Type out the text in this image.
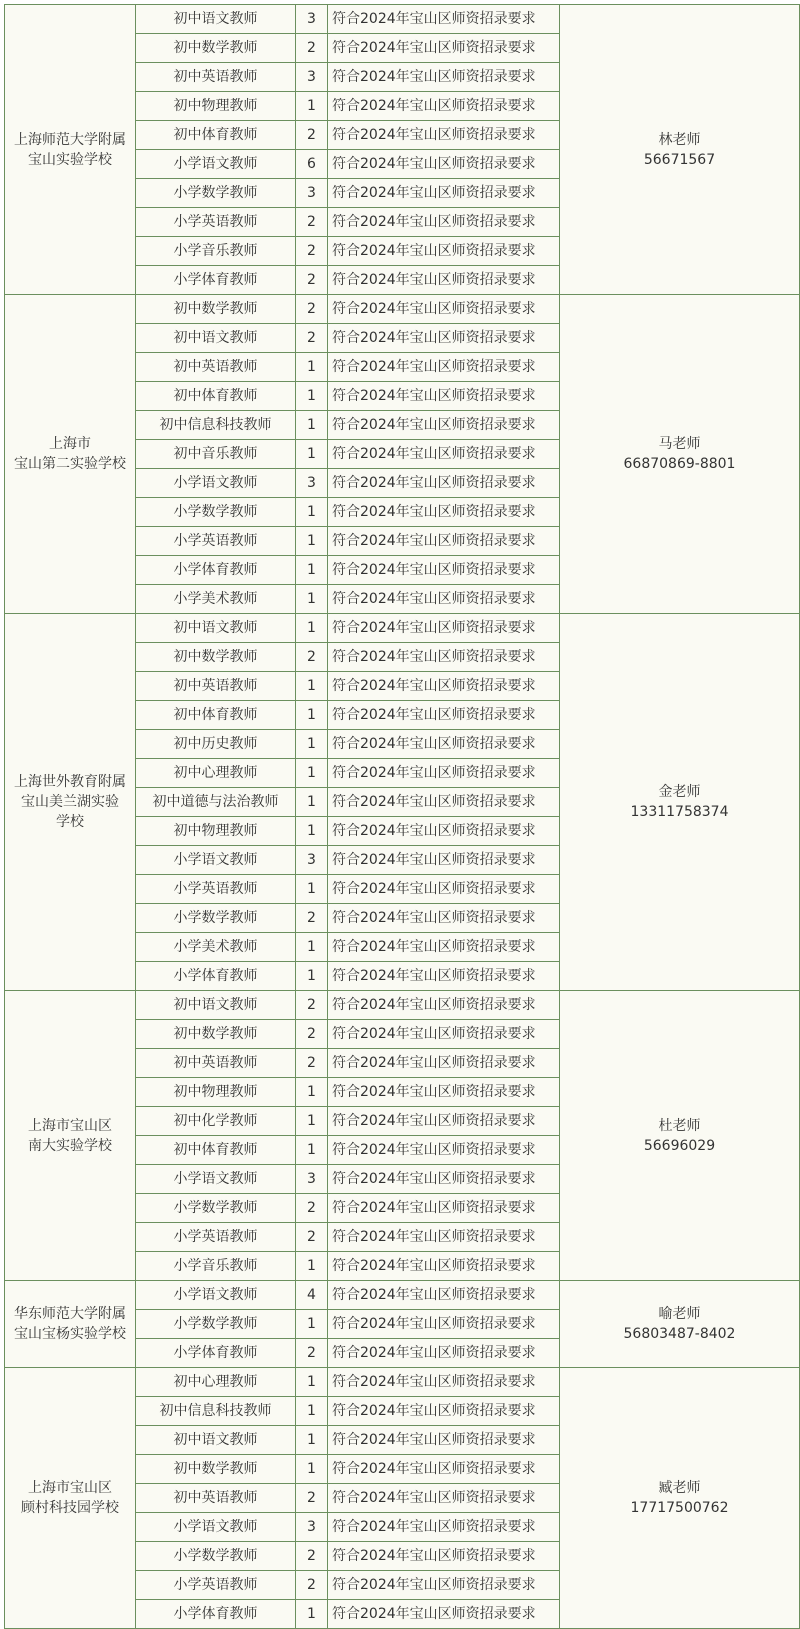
上海师范大学附属
宝山实验学校	初中语文教师	3	符合2024年宝山区师资招录要求	林老师
56671567

	初中数学教师	2	符合2024年宝山区师资招录要求	
	初中英语教师	3	符合2024年宝山区师资招录要求	
	初中物理教师	1	符合2024年宝山区师资招录要求	
	初中体育教师	2	符合2024年宝山区师资招录要求	
	小学语文教师	6	符合2024年宝山区师资招录要求	
	小学数学教师	3	符合2024年宝山区师资招录要求	
	小学英语教师	2	符合2024年宝山区师资招录要求	
	小学音乐教师	2	符合2024年宝山区师资招录要求	
	小学体育教师	2	符合2024年宝山区师资招录要求	

上海市
宝山第二实验学校	初中数学教师	2	符合2024年宝山区师资招录要求	马老师
66870869-8801

	初中语文教师	2	符合2024年宝山区师资招录要求	
	初中英语教师	1	符合2024年宝山区师资招录要求	
	初中体育教师	1	符合2024年宝山区师资招录要求	
	初中信息科技教师	1	符合2024年宝山区师资招录要求	
	初中音乐教师	1	符合2024年宝山区师资招录要求	
	小学语文教师	3	符合2024年宝山区师资招录要求	
	小学数学教师	1	符合2024年宝山区师资招录要求	
	小学英语教师	1	符合2024年宝山区师资招录要求	
	小学体育教师	1	符合2024年宝山区师资招录要求	
	小学美术教师	1	符合2024年宝山区师资招录要求	

上海世外教育附属
宝山美兰湖实验
学校	初中语文教师	1	符合2024年宝山区师资招录要求	金老师
13311758374

	初中数学教师	2	符合2024年宝山区师资招录要求	
	初中英语教师	1	符合2024年宝山区师资招录要求	
	初中体育教师	1	符合2024年宝山区师资招录要求	
	初中历史教师	1	符合2024年宝山区师资招录要求	
	初中心理教师	1	符合2024年宝山区师资招录要求	
	初中道德与法治教师	1	符合2024年宝山区师资招录要求	
	初中物理教师	1	符合2024年宝山区师资招录要求	
	小学语文教师	3	符合2024年宝山区师资招录要求	
	小学英语教师	1	符合2024年宝山区师资招录要求	
	小学数学教师	2	符合2024年宝山区师资招录要求	
	小学美术教师	1	符合2024年宝山区师资招录要求	
	小学体育教师	1	符合2024年宝山区师资招录要求	

上海市宝山区
南大实验学校	初中语文教师	2	符合2024年宝山区师资招录要求	杜老师
56696029

	初中数学教师	2	符合2024年宝山区师资招录要求	
	初中英语教师	2	符合2024年宝山区师资招录要求	
	初中物理教师	1	符合2024年宝山区师资招录要求	
	初中化学教师	1	符合2024年宝山区师资招录要求	
	初中体育教师	1	符合2024年宝山区师资招录要求	
	小学语文教师	3	符合2024年宝山区师资招录要求	
	小学数学教师	2	符合2024年宝山区师资招录要求	
	小学英语教师	2	符合2024年宝山区师资招录要求	
	小学音乐教师	1	符合2024年宝山区师资招录要求	

华东师范大学附属
宝山宝杨实验学校	小学语文教师	4	符合2024年宝山区师资招录要求	喻老师
56803487-8402

	小学数学教师	1	符合2024年宝山区师资招录要求	
	小学体育教师	2	符合2024年宝山区师资招录要求	

上海市宝山区
顾村科技园学校	初中心理教师	1	符合2024年宝山区师资招录要求	臧老师
17717500762

	初中信息科技教师	1	符合2024年宝山区师资招录要求	
	初中语文教师	1	符合2024年宝山区师资招录要求	
	初中数学教师	1	符合2024年宝山区师资招录要求	
	初中英语教师	2	符合2024年宝山区师资招录要求	
	小学语文教师	3	符合2024年宝山区师资招录要求	
	小学数学教师	2	符合2024年宝山区师资招录要求	
	小学英语教师	2	符合2024年宝山区师资招录要求	
	小学体育教师	1	符合2024年宝山区师资招录要求	
